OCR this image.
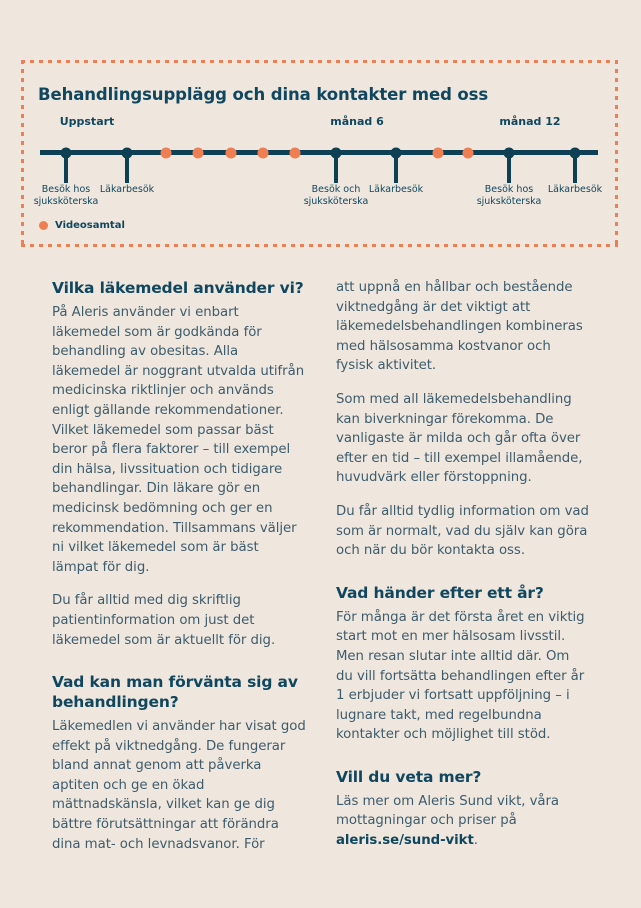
Behandlingsupplägg och dina kontakter med oss
Uppstart	månad 6	månad 12
Besök hos
sjuksköterska
Läkarbesök	Besök och
sjuksköterska
Läkarbesök	Besök hos
sjuksköterska
Läkarbesök
Videosamtal
Vilka läkemedel använder vi?

På Aleris använder vi enbart läkemedel som är godkända för behandling av obesitas. Alla läkemedel är noggrant utvalda utifrån medicinska riktlinjer och används enligt gällande rekommendationer. Vilket läkemedel som passar bäst beror på flera faktorer – till exempel din hälsa, livssituation och tidigare behandlingar. Din läkare gör en medicinsk bedömning och ger en rekommendation. Tillsammans väljer ni vilket läkemedel som är bäst lämpat för dig.

Du får alltid med dig skriftlig patientinformation om just det läkemedel som är aktuellt för dig.

Vad kan man förvänta sig av behandlingen?

Läkemedlen vi använder har visat god effekt på viktnedgång. De fungerar bland annat genom att påverka aptiten och ge en ökad mättnadskänsla, vilket kan ge dig bättre förutsättningar att förändra dina mat- och levnadsvanor. För

att uppnå en hållbar och bestående viktnedgång är det viktigt att läkemedelsbehandlingen kombineras med hälsosamma kostvanor och fysisk aktivitet.

Som med all läkemedelsbehandling kan biverkningar förekomma. De vanligaste är milda och går ofta över efter en tid – till exempel illamående, huvudvärk eller förstoppning.

Du får alltid tydlig information om vad som är normalt, vad du själv kan göra och när du bör kontakta oss.

Vad händer efter ett år?

För många är det första året en viktig start mot en mer hälsosam livsstil. Men resan slutar inte alltid där. Om du vill fortsätta behandlingen efter år 1 erbjuder vi fortsatt uppföljning – i lugnare takt, med regelbundna kontakter och möjlighet till stöd.

Vill du veta mer?

Läs mer om Aleris Sund vikt, våra mottagningar och priser på aleris.se/sund-vikt.
